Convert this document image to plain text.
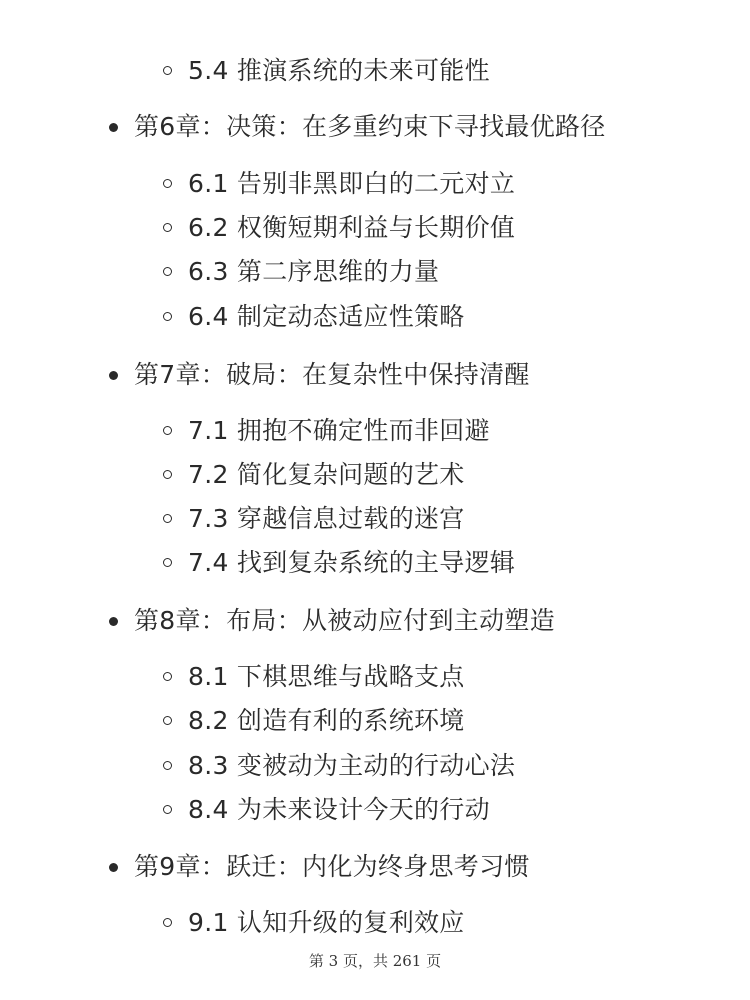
5.4 推演系统的未来可能性
第6章：决策：在多重约束下寻找最优路径
6.1 告别非黑即白的二元对立
6.2 权衡短期利益与长期价值
6.3 第二序思维的力量
6.4 制定动态适应性策略
第7章：破局：在复杂性中保持清醒
7.1 拥抱不确定性而非回避
7.2 简化复杂问题的艺术
7.3 穿越信息过载的迷宫
7.4 找到复杂系统的主导逻辑
第8章：布局：从被动应付到主动塑造
8.1 下棋思维与战略支点
8.2 创造有利的系统环境
8.3 变被动为主动的行动心法
8.4 为未来设计今天的行动
第9章：跃迁：内化为终身思考习惯
9.1 认知升级的复利效应
第 3 页，共 261 页
